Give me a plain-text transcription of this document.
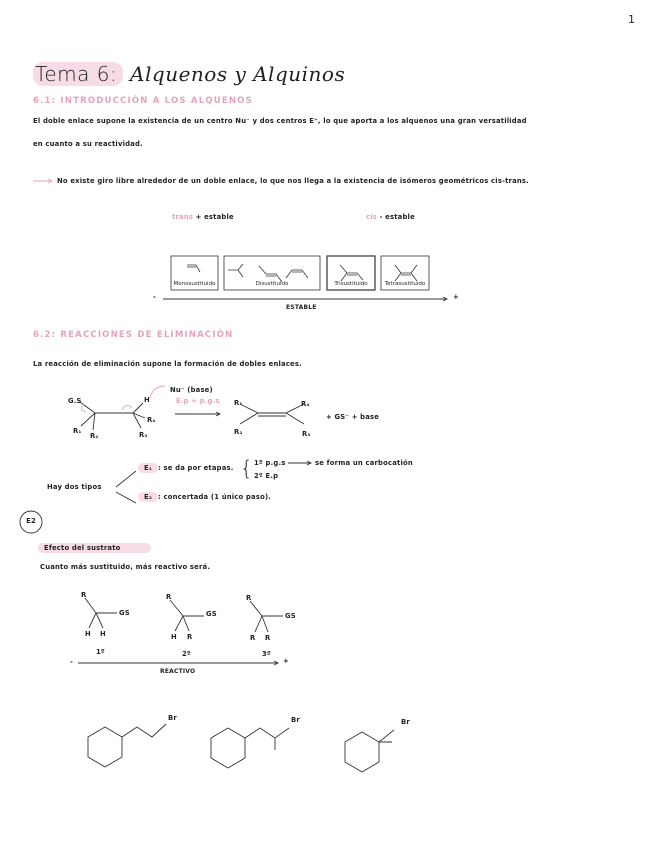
1
Tema 6: Alquenos y Alquinos
6.1: INTRODUCCIÓN A LOS ALQUENOS
El doble enlace supone la existencia de un centro Nu⁻ y dos centros E⁺, lo que aporta a los alquenos una gran versatilidad
en cuanto a su reactividad.
No existe giro libre alrededor de un doble enlace, lo que nos llega a la existencia de isómeros geométricos cis-trans.
trans + estable	cis - estable
Monosustituido	Disustituido	Trisustituido	Tetrasustituido
-	+
ESTABLE
6.2: REACCIONES DE ELIMINACIÓN
La reacción de eliminación supone la formación de dobles enlaces.
Nu⁻ (base)
E.p + p.g.s
G.S	H
R₁
R₂
R₄
R₃
R₁	R₄
R₂	R₃
+ GS⁻ + base
Hay dos tipos
E₁ : se da por etapas. { 1º p.g.s	se forma un carbocatión
2º E.p
E₂ : concertada (1 único paso).
E2
Efecto del sustrato
Cuanto más sustituido, más reactivo será.
R
GS
H H
1º
R
GS
H R
2º
R
GS
R R
3º
-	+
REACTIVO
Br	Br	Br
